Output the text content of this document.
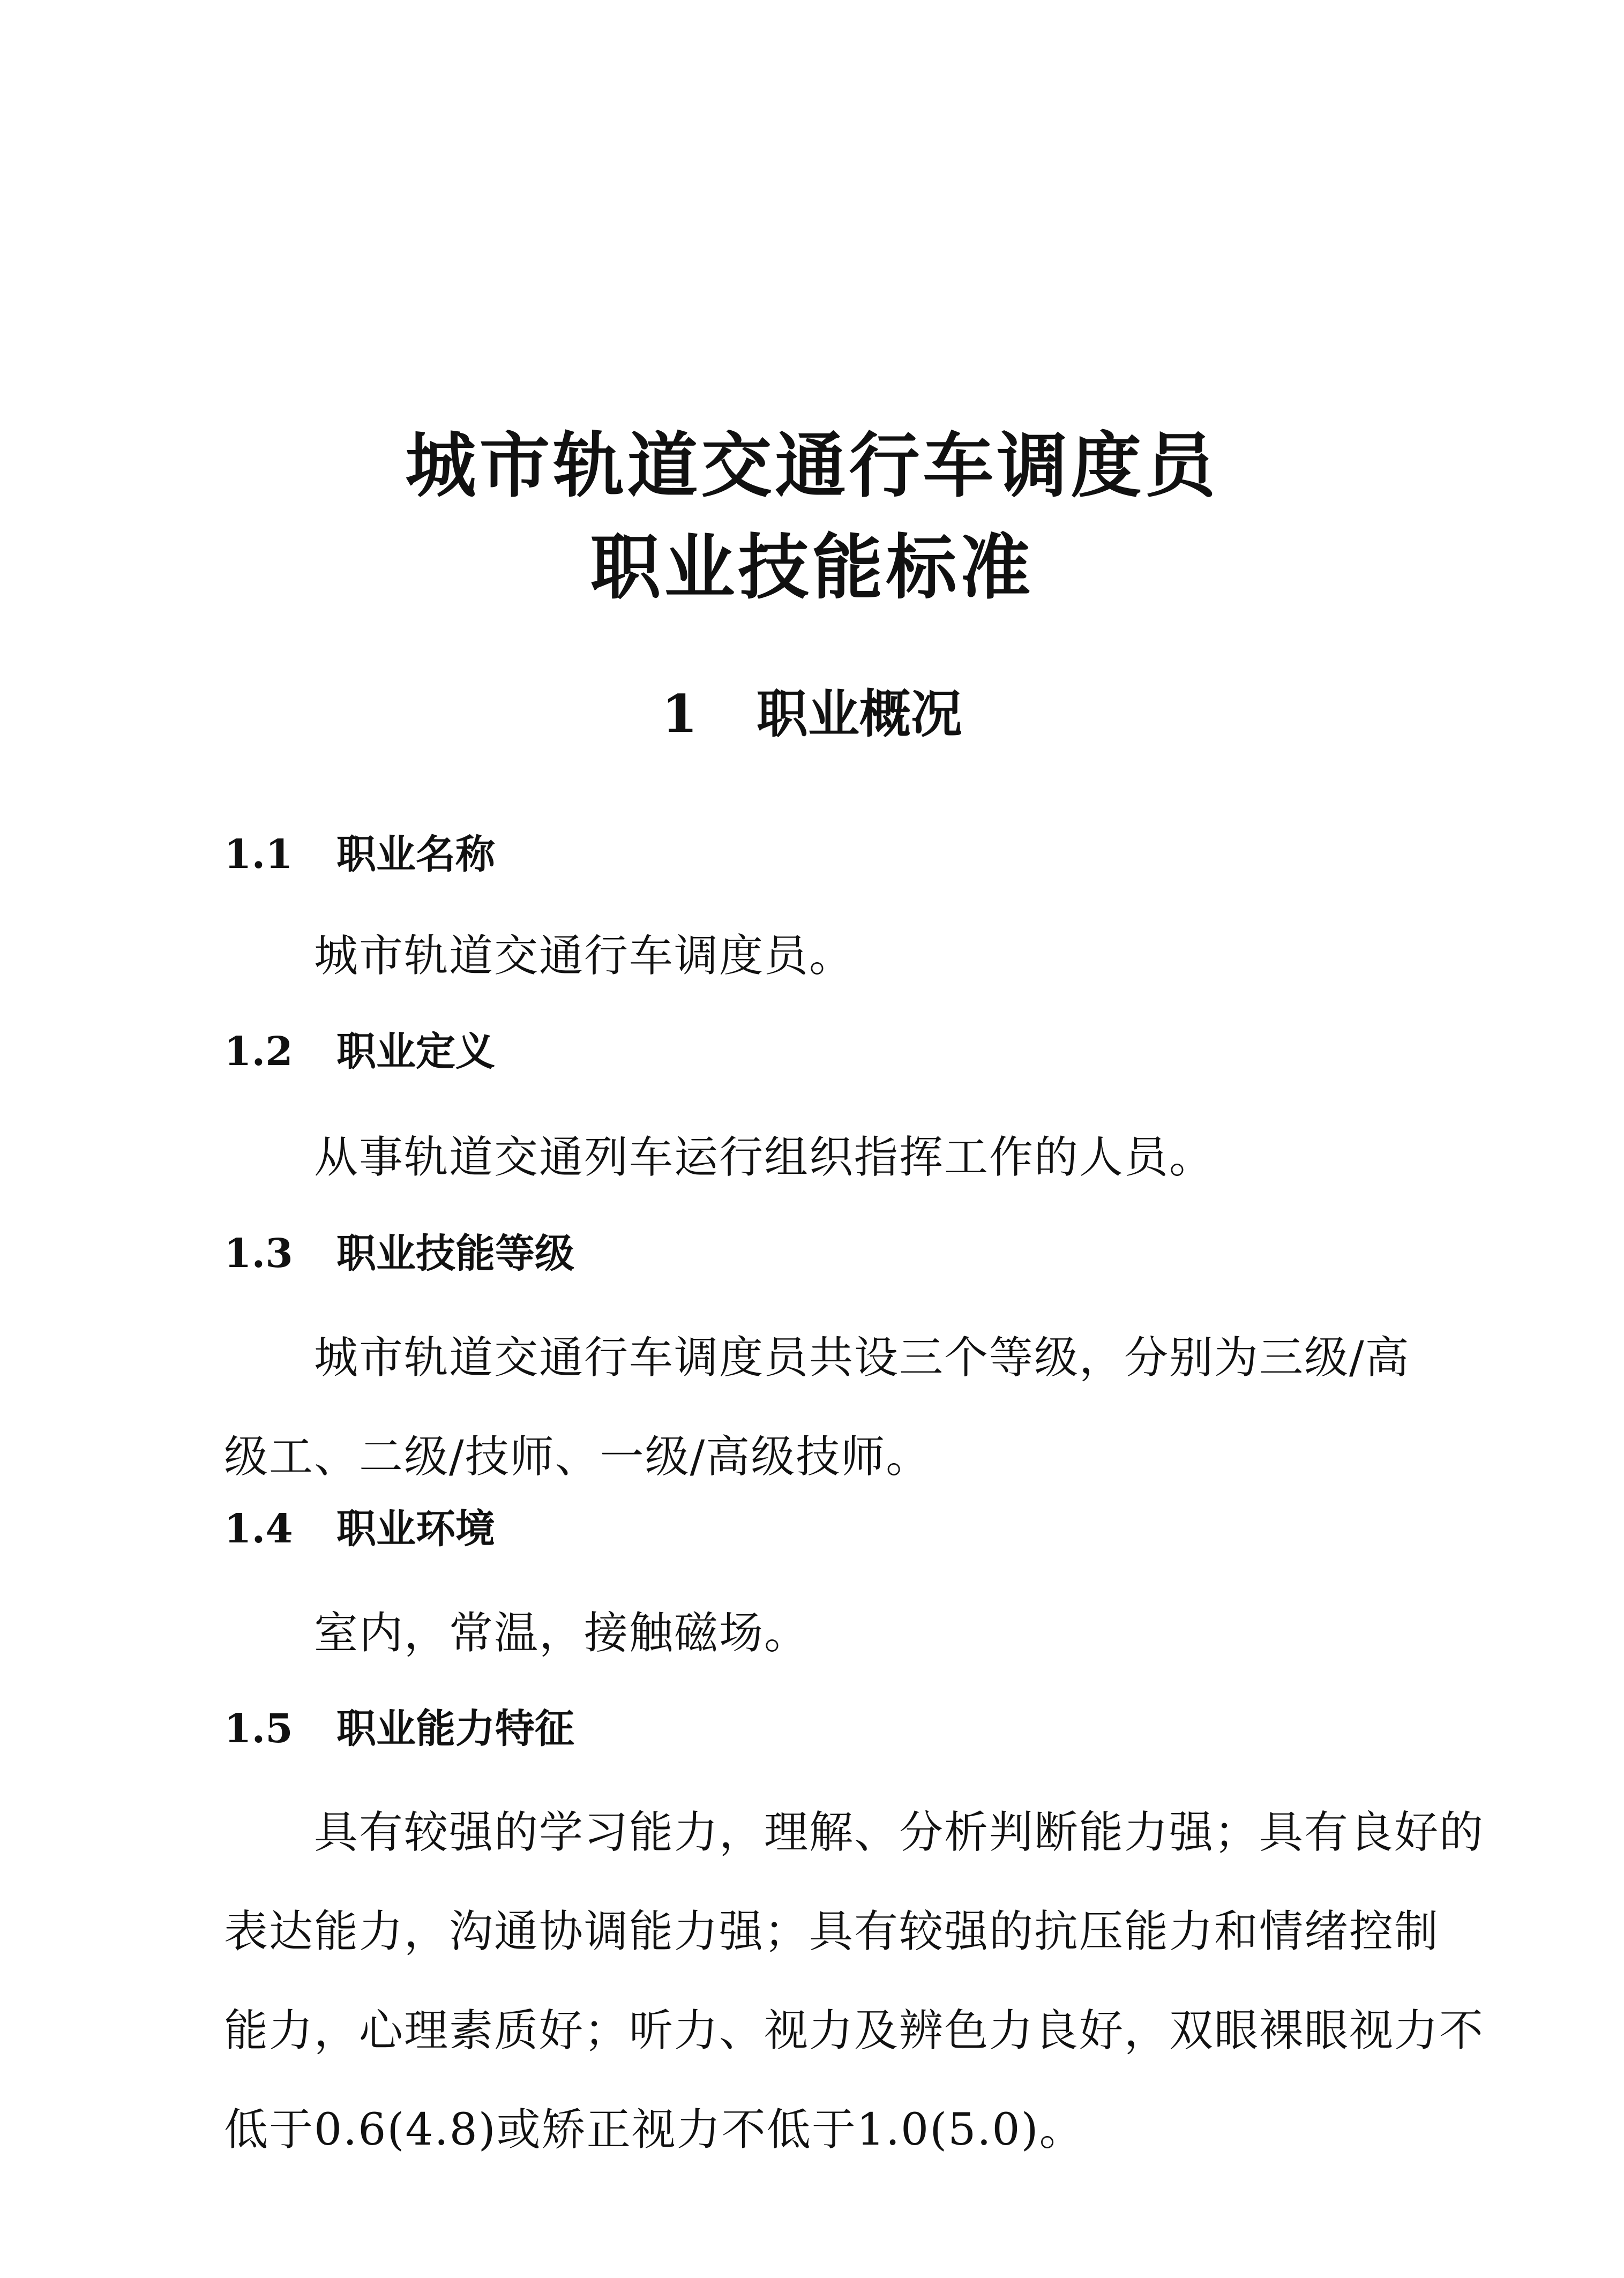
城市轨道交通行车调度员
职业技能标准
1 职业概况
1.1 职业名称

城市轨道交通行车调度员。

1.2 职业定义

从事轨道交通列车运行组织指挥工作的人员。

1.3 职业技能等级

城市轨道交通行车调度员共设三个等级，分别为三级/高
级工、二级/技师、一级/高级技师。

1.4 职业环境

室内，常温，接触磁场。

1.5 职业能力特征

具有较强的学习能力，理解、分析判断能力强；具有良好的
表达能力，沟通协调能力强；具有较强的抗压能力和情绪控制
能力，心理素质好；听力、视力及辨色力良好，双眼裸眼视力不
低于0.6(4.8)或矫正视力不低于1.0(5.0)。
